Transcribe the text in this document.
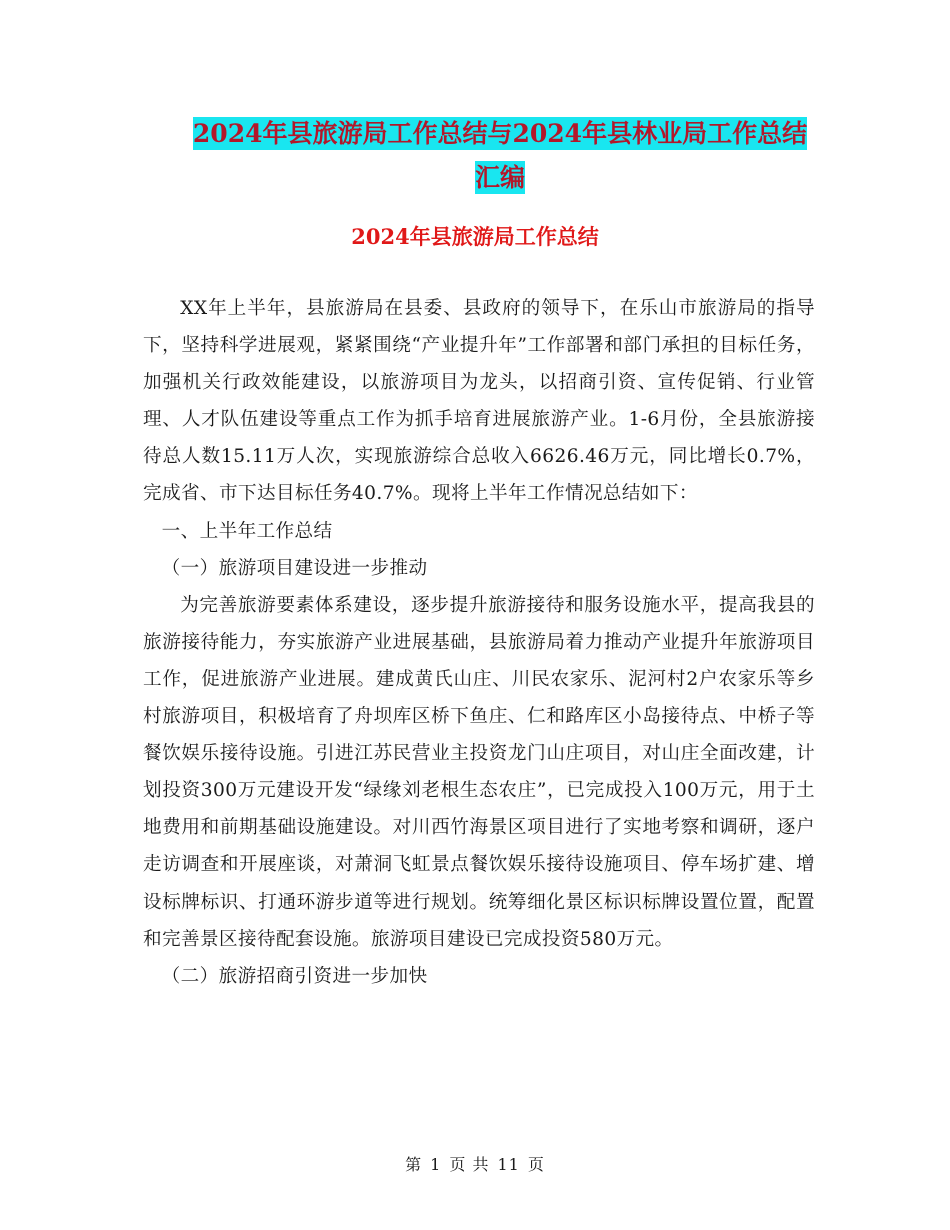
2024年县旅游局工作总结与2024年县林业局工作总结
汇编
2024年县旅游局工作总结

XX年上半年，县旅游局在县委、县政府的领导下，在乐山市旅游局的指导下，坚持科学进展观，紧紧围绕“产业提升年”工作部署和部门承担的目标任务，加强机关行政效能建设，以旅游项目为龙头，以招商引资、宣传促销、行业管理、人才队伍建设等重点工作为抓手培育进展旅游产业。1-6月份，全县旅游接待总人数15.11万人次，实现旅游综合总收入6626.46万元，同比增长0.7%，完成省、市下达目标任务40.7%。现将上半年工作情况总结如下：

一、上半年工作总结

（一）旅游项目建设进一步推动

为完善旅游要素体系建设，逐步提升旅游接待和服务设施水平，提高我县的旅游接待能力，夯实旅游产业进展基础，县旅游局着力推动产业提升年旅游项目工作，促进旅游产业进展。建成黄氏山庄、川民农家乐、泥河村2户农家乐等乡村旅游项目，积极培育了舟坝库区桥下鱼庄、仁和路库区小岛接待点、中桥子等餐饮娱乐接待设施。引进江苏民营业主投资龙门山庄项目，对山庄全面改建，计划投资300万元建设开发“绿缘刘老根生态农庄”，已完成投入100万元，用于土地费用和前期基础设施建设。对川西竹海景区项目进行了实地考察和调研，逐户走访调查和开展座谈，对萧洞飞虹景点餐饮娱乐接待设施项目、停车场扩建、增设标牌标识、打通环游步道等进行规划。统筹细化景区标识标牌设置位置，配置和完善景区接待配套设施。旅游项目建设已完成投资580万元。

（二）旅游招商引资进一步加快

第 1 页 共 11 页
